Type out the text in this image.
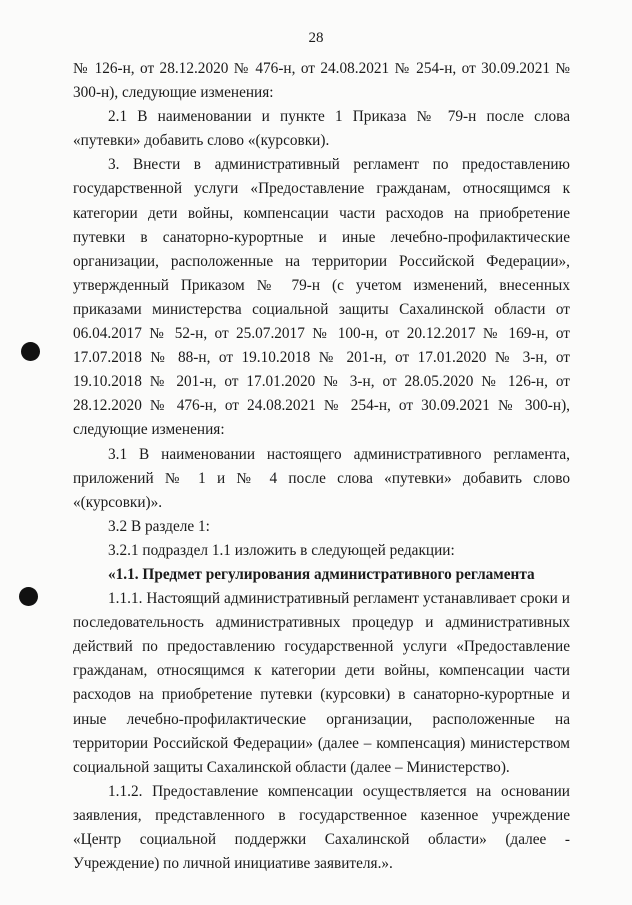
28

№ 126-н, от 28.12.2020 № 476-н, от 24.08.2021 № 254-н, от 30.09.2021 № 300-н), следующие изменения:

2.1 В наименовании и пункте 1 Приказа № 79-н после слова «путевки» добавить слово «(курсовки).

3. Внести в административный регламент по предоставлению государственной услуги «Предоставление гражданам, относящимся к категории дети войны, компенсации части расходов на приобретение путевки в санаторно-курортные и иные лечебно-профилактические организации, расположенные на территории Российской Федерации», утвержденный Приказом № 79-н (с учетом изменений, внесенных приказами министерства социальной защиты Сахалинской области от 06.04.2017 № 52-н, от 25.07.2017 № 100-н, от 20.12.2017 № 169-н, от 17.07.2018 № 88-н, от 19.10.2018 № 201-н, от 17.01.2020 № 3-н, от 19.10.2018 № 201-н, от 17.01.2020 № 3-н, от 28.05.2020 № 126-н, от 28.12.2020 № 476-н, от 24.08.2021 № 254-н, от 30.09.2021 № 300-н), следующие изменения:

3.1 В наименовании настоящего административного регламента, приложений № 1 и № 4 после слова «путевки» добавить слово «(курсовки)».

3.2 В разделе 1:

3.2.1 подраздел 1.1 изложить в следующей редакции:

«1.1. Предмет регулирования административного регламента

1.1.1. Настоящий административный регламент устанавливает сроки и последовательность административных процедур и административных действий по предоставлению государственной услуги «Предоставление гражданам, относящимся к категории дети войны, компенсации части расходов на приобретение путевки (курсовки) в санаторно-курортные и иные лечебно-профилактические организации, расположенные на территории Российской Федерации» (далее – компенсация) министерством социальной защиты Сахалинской области (далее – Министерство).

1.1.2. Предоставление компенсации осуществляется на основании заявления, представленного в государственное казенное учреждение «Центр социальной поддержки Сахалинской области» (далее - Учреждение) по личной инициативе заявителя.».
